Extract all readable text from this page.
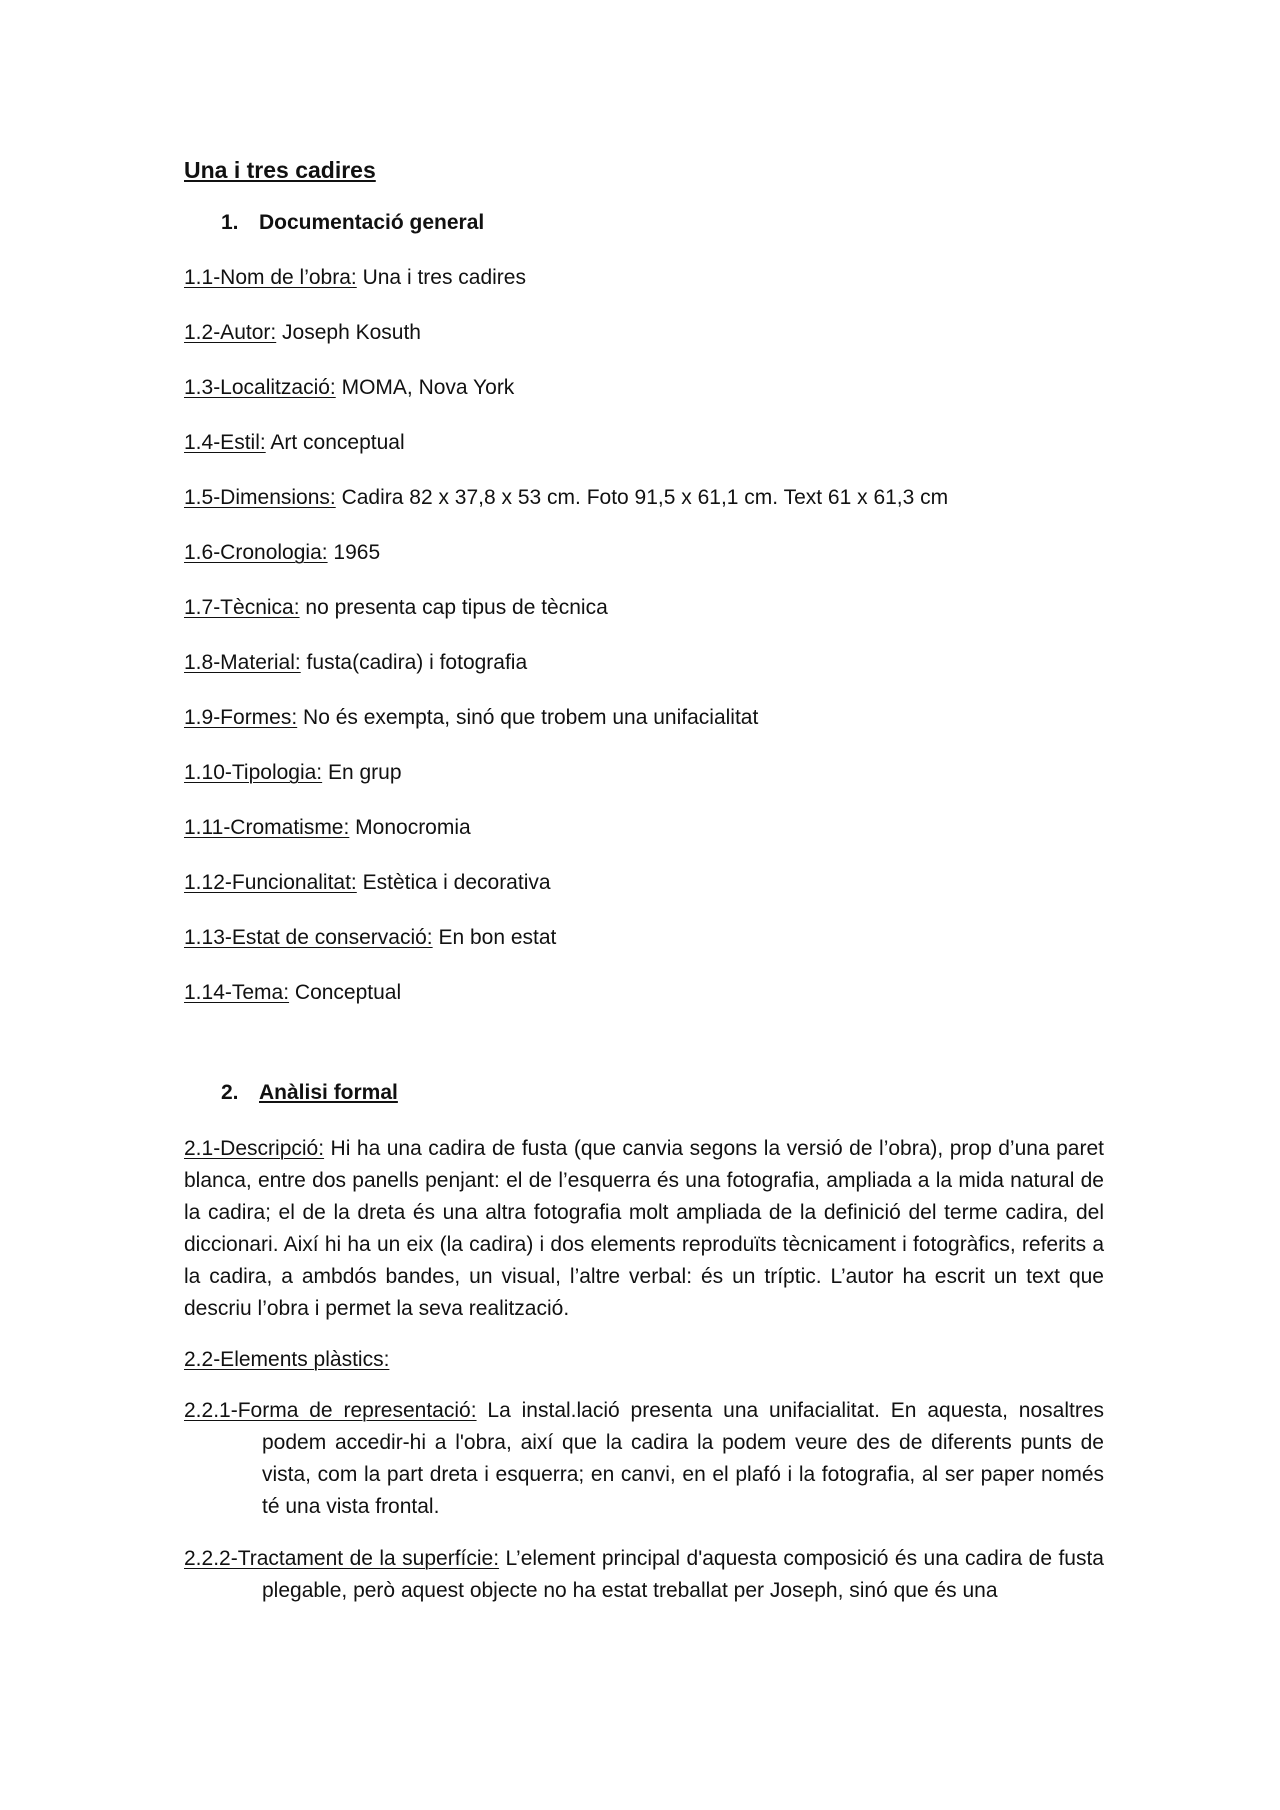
Una i tres cadires
1. Documentació general
1.1-Nom de l’obra: Una i tres cadires
1.2-Autor: Joseph Kosuth
1.3-Localització: MOMA, Nova York
1.4-Estil: Art conceptual
1.5-Dimensions: Cadira 82 x 37,8 x 53 cm. Foto 91,5 x 61,1 cm. Text 61 x 61,3 cm
1.6-Cronologia: 1965
1.7-Tècnica: no presenta cap tipus de tècnica
1.8-Material: fusta(cadira) i fotografia
1.9-Formes: No és exempta, sinó que trobem una unifacialitat
1.10-Tipologia: En grup
1.11-Cromatisme: Monocromia
1.12-Funcionalitat: Estètica i decorativa
1.13-Estat de conservació: En bon estat
1.14-Tema: Conceptual
2. Anàlisi formal
2.1-Descripció: Hi ha una cadira de fusta (que canvia segons la versió de l’obra), prop d’una paret blanca, entre dos panells penjant: el de l’esquerra és una fotografia, ampliada a la mida natural de la cadira; el de la dreta és una altra fotografia molt ampliada de la definició del terme cadira, del diccionari. Així hi ha un eix (la cadira) i dos elements reproduïts tècnicament i fotogràfics, referits a la cadira, a ambdós bandes, un visual, l’altre verbal: és un tríptic. L’autor ha escrit un text que descriu l’obra i permet la seva realització.
2.2-Elements plàstics:
2.2.1-Forma de representació: La instal.lació presenta una unifacialitat. En aquesta, nosaltres podem accedir-hi a l'obra, així que la cadira la podem veure des de diferents punts de vista, com la part dreta i esquerra; en canvi, en el plafó i la fotografia, al ser paper només té una vista frontal.
2.2.2-Tractament de la superfície: L’element principal d'aquesta composició és una cadira de fusta plegable, però aquest objecte no ha estat treballat per Joseph, sinó que és una
